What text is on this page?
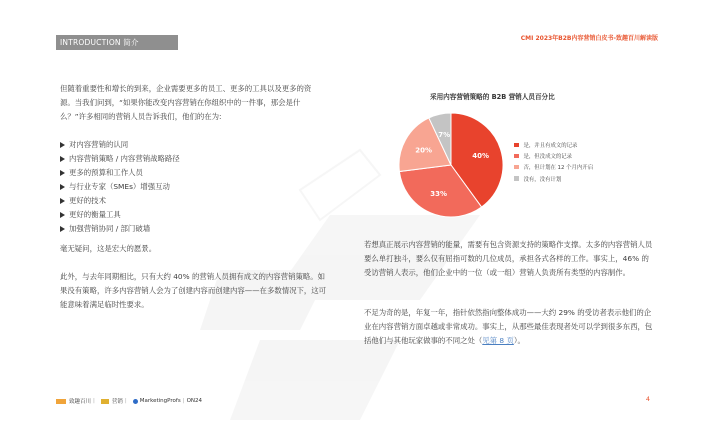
INTRODUCTION 简介	CMI 2023年B2B内容营销白皮书-致趣百川解读版
但随着重要性和增长的到来，企业需要更多的员工、更多的工具以及更多的资源。当我们问到，“如果你能改变内容营销在你组织中的一件事，那会是什么？”许多相同的营销人员告诉我们，他们的在为:
对内容营销的认同
内容营销策略 / 内容营销战略路径
更多的预算和工作人员
与行业专家（SMEs）增强互动
更好的技术
更好的衡量工具
加强营销协同 / 部门破墙
毫无疑问，这是宏大的愿景。
此外，与去年同期相比，只有大约 40% 的营销人员拥有成文的内容营销策略。如果没有策略，许多内容营销人会为了创建内容而创建内容——在多数情况下，这可能意味着满足临时性要求。
采用内容营销策略的 B2B 营销人员百分比
40%
33%
20%
7%
是，并且有成文的记录
是，但没成文的记录
否，但计划在 12 个月内开启
没有，没有计划
若想真正展示内容营销的能量，需要有包含资源支持的策略作支撑。太多的内容营销人员要么单打独斗，要么仅有屈指可数的几位成员，承担各式各样的工作。事实上，46% 的受访营销人表示，他们企业中的一位（或一组）营销人负责所有类型的内容制作。
不足为奇的是，年复一年，指针依然指向整体成功——大约 29% 的受访者表示他们的企业在内容营销方面卓越或非常成功。事实上，从那些最佳表现者处可以学到很多东西，包括他们与其他玩家做事的不同之处（见第 8 页）。
致趣百川 |	营销 | MarketingProfs | ON24	4
